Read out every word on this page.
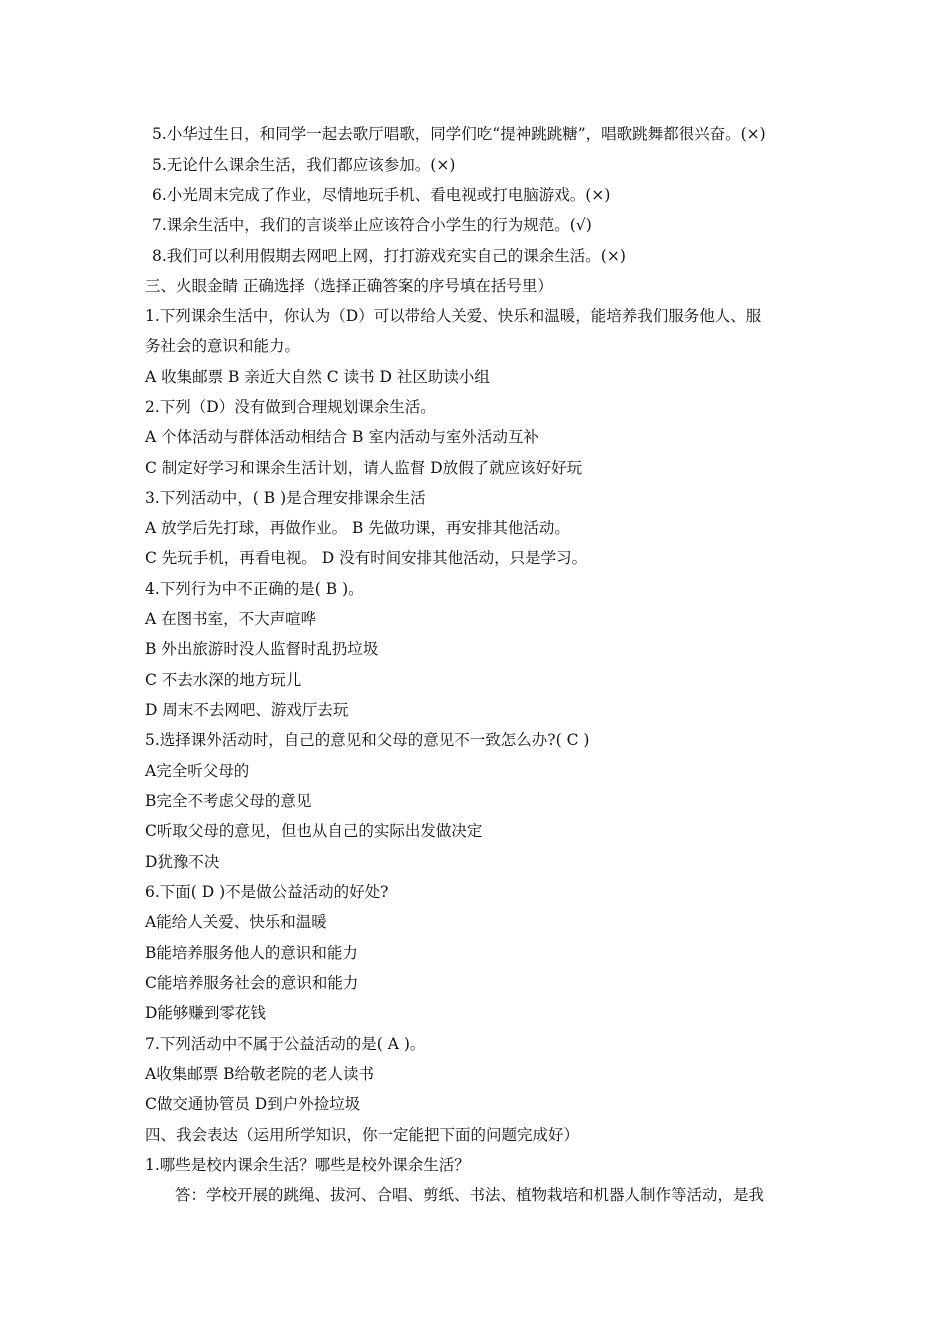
5.小华过生日，和同学一起去歌厅唱歌，同学们吃“提神跳跳糖”，唱歌跳舞都很兴奋。(×)
5.无论什么课余生活，我们都应该参加。(×)
6.小光周末完成了作业，尽情地玩手机、看电视或打电脑游戏。(×)
7.课余生活中，我们的言谈举止应该符合小学生的行为规范。(√)
8.我们可以利用假期去网吧上网，打打游戏充实自己的课余生活。(×)
三、火眼金睛 正确选择（选择正确答案的序号填在括号里）
1.下列课余生活中，你认为（D）可以带给人关爱、快乐和温暖，能培养我们服务他人、服
务社会的意识和能力。
A 收集邮票 B 亲近大自然 C 读书 D 社区助读小组
2.下列（D）没有做到合理规划课余生活。
A 个体活动与群体活动相结合 B 室内活动与室外活动互补
C 制定好学习和课余生活计划，请人监督 D放假了就应该好好玩
3.下列活动中，( B )是合理安排课余生活
A 放学后先打球，再做作业。 B 先做功课，再安排其他活动。
C 先玩手机，再看电视。 D 没有时间安排其他活动，只是学习。
4.下列行为中不正确的是( B )。
A 在图书室，不大声喧哗
B 外出旅游时没人监督时乱扔垃圾
C 不去水深的地方玩儿
D 周末不去网吧、游戏厅去玩
5.选择课外活动时，自己的意见和父母的意见不一致怎么办?( C )
A完全听父母的
B完全不考虑父母的意见
C听取父母的意见，但也从自己的实际出发做决定
D犹豫不决
6.下面( D )不是做公益活动的好处?
A能给人关爱、快乐和温暖
B能培养服务他人的意识和能力
C能培养服务社会的意识和能力
D能够赚到零花钱
7.下列活动中不属于公益活动的是( A )。
A收集邮票 B给敬老院的老人读书
C做交通协管员 D到户外捡垃圾
四、我会表达（运用所学知识，你一定能把下面的问题完成好）
1.哪些是校内课余生活？哪些是校外课余生活？
答：学校开展的跳绳、拔河、合唱、剪纸、书法、植物栽培和机器人制作等活动，是我
